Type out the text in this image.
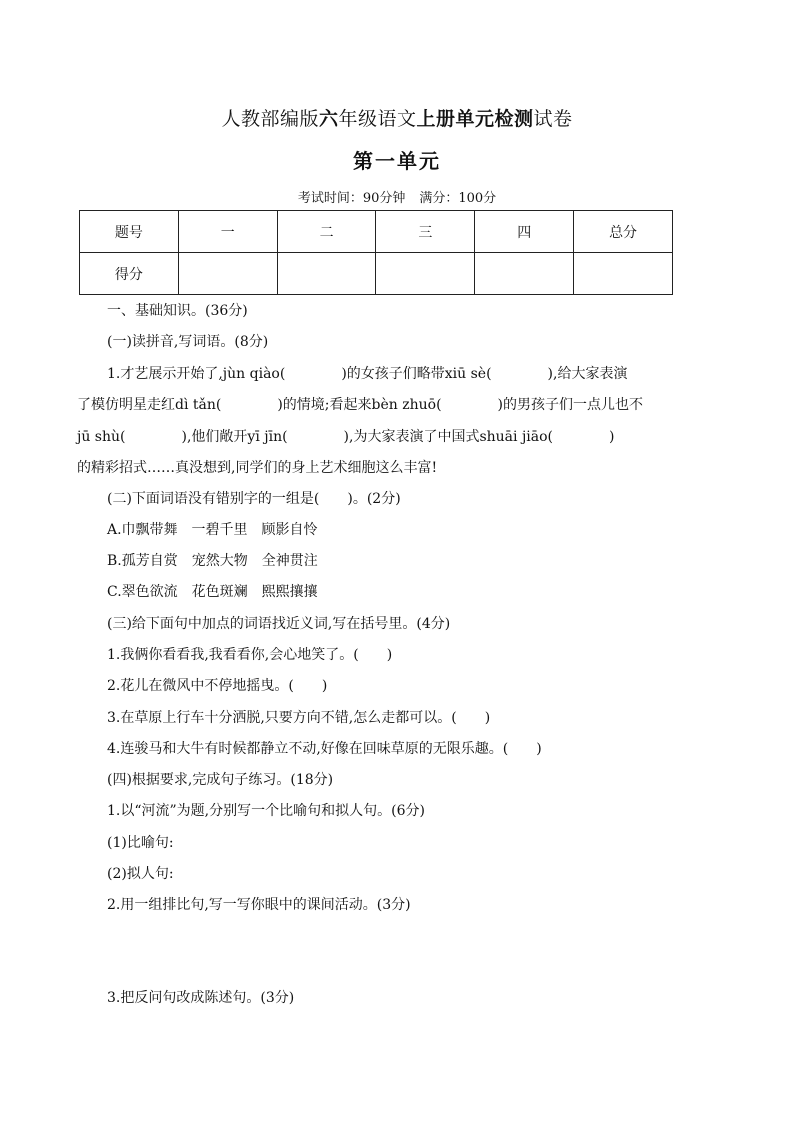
人教部编版六年级语文上册单元检测试卷
第一单元
考试时间：90分钟 满分：100分
题号	一	二	三	四	总分
得分					
一、基础知识。(36分)
(一)读拼音,写词语。(8分)
1.才艺展示开始了,jùn qiào(	)的女孩子们略带xiū sè(	),给大家表演
了模仿明星走红dì tǎn(	)的情境;看起来bèn zhuō(	)的男孩子们一点儿也不
jū shù(	),他们敞开yī jīn(	),为大家表演了中国式shuāi jiāo(	)
的精彩招式……真没想到,同学们的身上艺术细胞这么丰富!
(二)下面词语没有错别字的一组是(　　)。(2分)
A.巾飘带舞　一碧千里　顾影自怜
B.孤芳自赏　宠然大物　全神贯注
C.翠色欲流　花色斑斓　熙熙攘攘
(三)给下面句中加点的词语找近义词,写在括号里。(4分)
1.我俩你看看我,我看看你,会心地笑了。(　　)
2.花儿在微风中不停地摇曳。(　　)
3.在草原上行车十分洒脱,只要方向不错,怎么走都可以。(　　)
4.连骏马和大牛有时候都静立不动,好像在回味草原的无限乐趣。(　　)
(四)根据要求,完成句子练习。(18分)
1.以“河流”为题,分别写一个比喻句和拟人句。(6分)
(1)比喻句:
(2)拟人句:
2.用一组排比句,写一写你眼中的课间活动。(3分)
3.把反问句改成陈述句。(3分)
